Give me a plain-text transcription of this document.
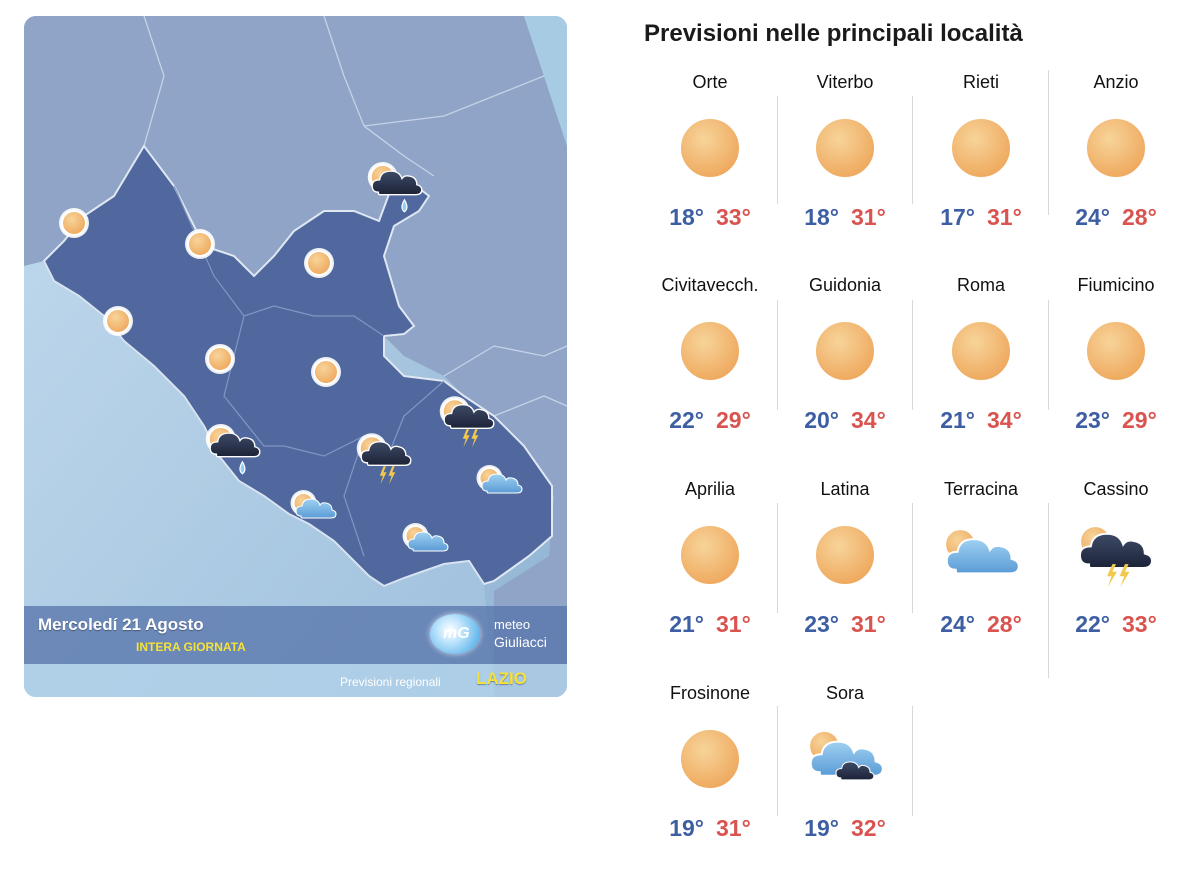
Mercoledí 21 Agosto
INTERA GIORNATA
mG
meteo
Giuliacci
Previsioni regionali LAZIO
Previsioni nelle principali località
Orte
18° 33°
Viterbo
18° 31°
Rieti
17° 31°
Anzio
24° 28°
Civitavecch.
22° 29°
Guidonia
20° 34°
Roma
21° 34°
Fiumicino
23° 29°
Aprilia
21° 31°
Latina
23° 31°
Terracina
24° 28°
Cassino
22° 33°
Frosinone
19° 31°
Sora
19° 32°
